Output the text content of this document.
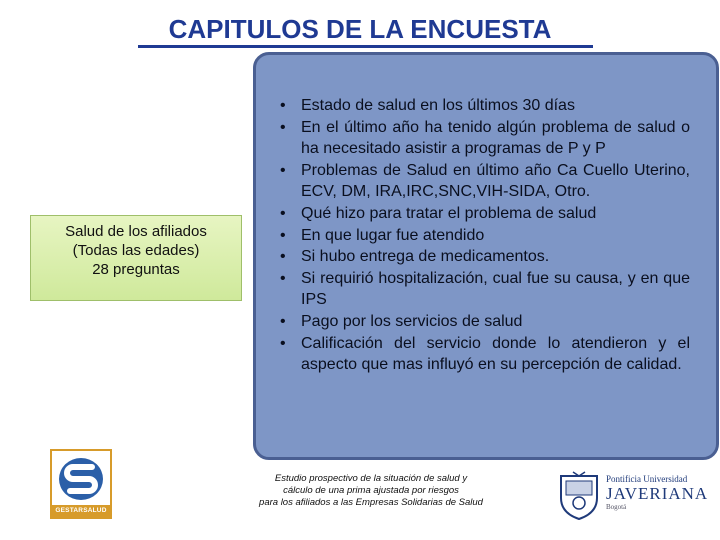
CAPITULOS DE LA ENCUESTA
Salud de los afiliados
(Todas las edades)
28 preguntas
• Estado de salud en los últimos 30 días
• En el último año ha tenido algún problema de salud o ha necesitado asistir a programas de P y P
• Problemas de Salud en último año Ca Cuello Uterino, ECV, DM, IRA,IRC,SNC,VIH-SIDA, Otro.
• Qué hizo para tratar el problema de salud
• En que lugar fue atendido
• Si hubo entrega de medicamentos.
• Si requirió hospitalización, cual fue su causa, y en que IPS
• Pago por los servicios de salud
• Calificación del servicio donde lo atendieron y el aspecto que mas influyó en su percepción de calidad.
Estudio prospectivo de la situación de salud y
cálculo de una prima ajustada por riesgos
para los afiliados a las Empresas Solidarias de Salud
GESTARSALUD
Pontificia Universidad
JAVERIANA
Bogotá
